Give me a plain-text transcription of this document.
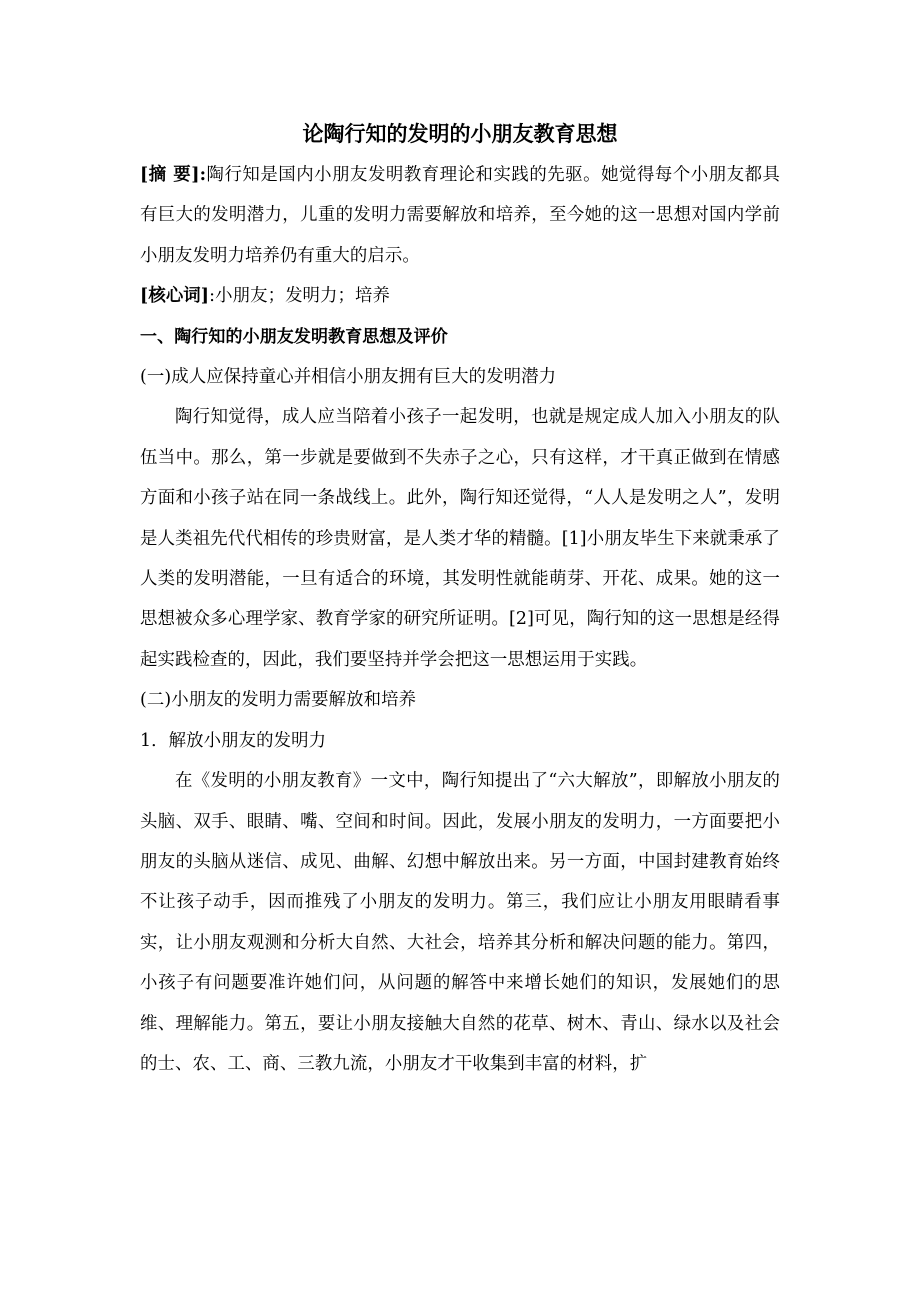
论陶行知的发明的小朋友教育思想

[摘 要]:陶行知是国内小朋友发明教育理论和实践的先驱。她觉得每个小朋友都具有巨大的发明潜力，儿重的发明力需要解放和培养，至今她的这一思想对国内学前小朋友发明力培养仍有重大的启示。

[核心词]:小朋友；发明力；培养

一、陶行知的小朋友发明教育思想及评价

(一)成人应保持童心并相信小朋友拥有巨大的发明潜力

陶行知觉得，成人应当陪着小孩子一起发明，也就是规定成人加入小朋友的队伍当中。那么，第一步就是要做到不失赤子之心，只有这样，才干真正做到在情感方面和小孩子站在同一条战线上。此外，陶行知还觉得，“人人是发明之人”，发明是人类祖先代代相传的珍贵财富，是人类才华的精髓。[1]小朋友毕生下来就秉承了人类的发明潜能，一旦有适合的环境，其发明性就能萌芽、开花、成果。她的这一思想被众多心理学家、教育学家的研究所证明。[2]可见，陶行知的这一思想是经得起实践检查的，因此，我们要坚持并学会把这一思想运用于实践。

(二)小朋友的发明力需要解放和培养

1．解放小朋友的发明力

在《发明的小朋友教育》一文中，陶行知提出了“六大解放”，即解放小朋友的头脑、双手、眼睛、嘴、空间和时间。因此，发展小朋友的发明力，一方面要把小朋友的头脑从迷信、成见、曲解、幻想中解放出来。另一方面，中国封建教育始终不让孩子动手，因而推残了小朋友的发明力。第三，我们应让小朋友用眼睛看事实，让小朋友观测和分析大自然、大社会，培养其分析和解决问题的能力。第四，小孩子有问题要准许她们问，从问题的解答中来增长她们的知识，发展她们的思维、理解能力。第五，要让小朋友接触大自然的花草、树木、青山、绿水以及社会的士、农、工、商、三教九流，小朋友才干收集到丰富的材料，扩
